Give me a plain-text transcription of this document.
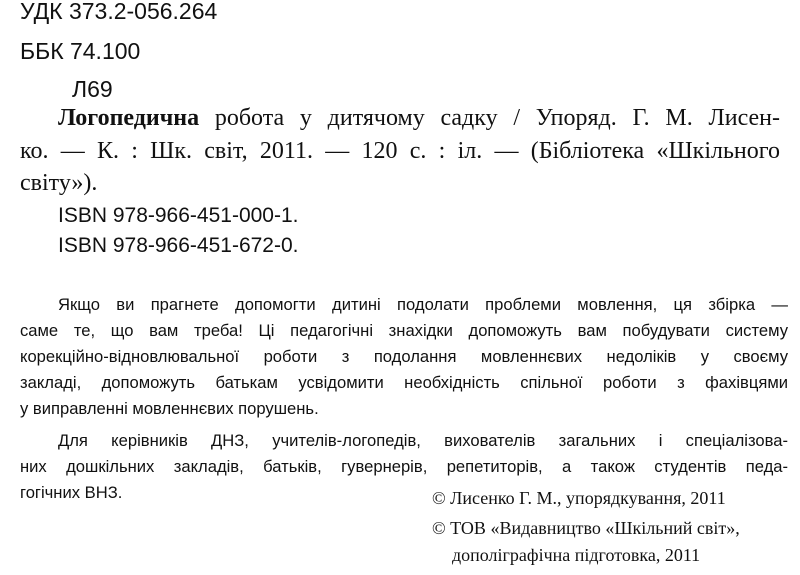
УДК 373.2-056.264

ББК 74.100

Л69

Логопедична робота у дитячому садку / Упоряд. Г. М. Лисен-

ко. — К. : Шк. світ, 2011. — 120 с. : іл. — (Бібліотека «Шкільного

світу»).

ISBN 978-966-451-000-1.

ISBN 978-966-451-672-0.

Якщо ви прагнете допомогти дитині подолати проблеми мовлення, ця збірка —

саме те, що вам треба! Ці педагогічні знахідки допоможуть вам побудувати систему

корекційно-відновлювальної роботи з подолання мовленнєвих недоліків у своєму

закладі, допоможуть батькам усвідомити необхідність спільної роботи з фахівцями

у виправленні мовленнєвих порушень.

Для керівників ДНЗ, учителів-логопедів, вихователів загальних і спеціалізова-

них дошкільних закладів, батьків, гувернерів, репетиторів, а також студентів педа-

гогічних ВНЗ.	© Лисенко Г. М., упорядкування, 2011

© ТОВ «Видавництво «Шкільний світ»,

дополіграфічна підготовка, 2011
